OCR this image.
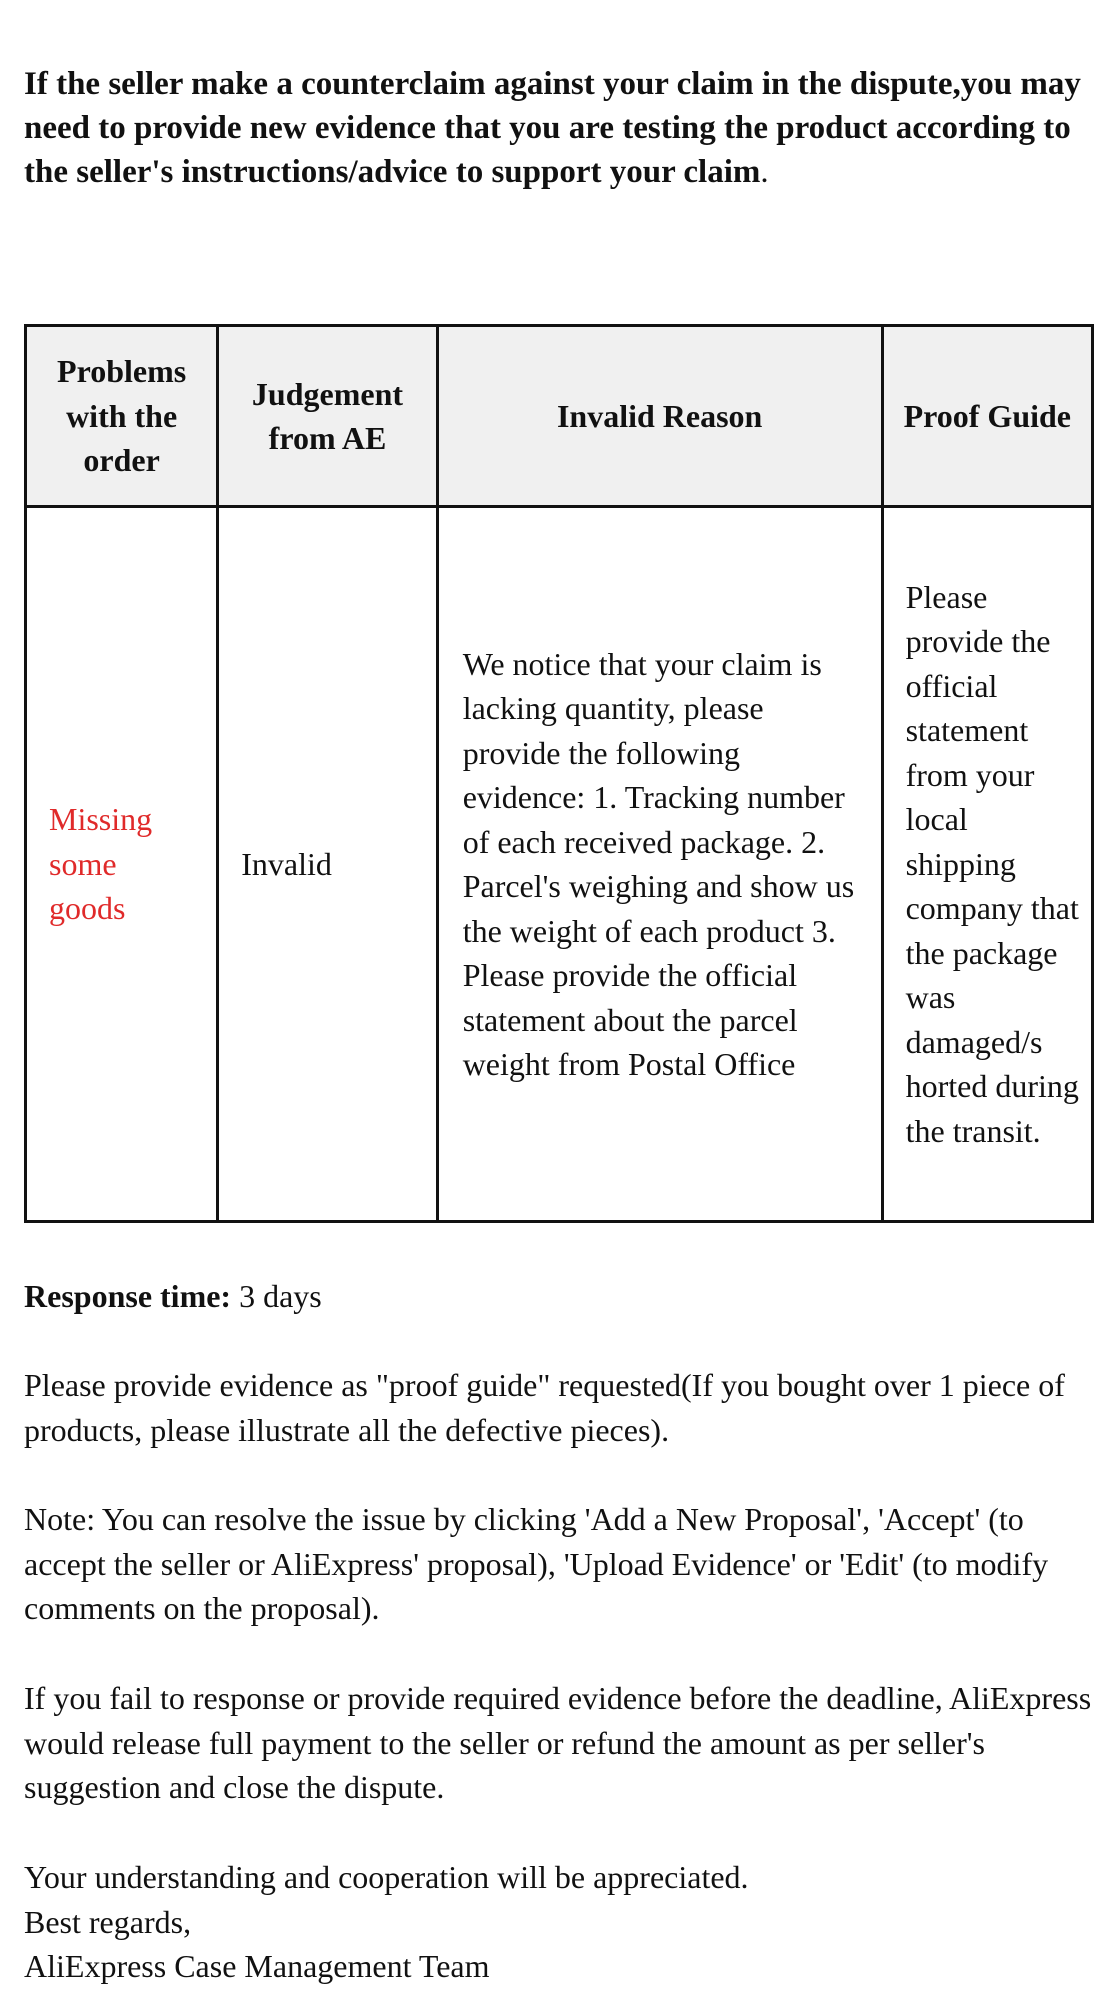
If the seller make a counterclaim against your claim in the dispute,you may need to provide new evidence that you are testing the product according to the seller's instructions/advice to support your claim.
Problems with the order	Judgement from AE	Invalid Reason	Proof Guide
Missing some goods	Invalid	We notice that your claim is lacking quantity, please provide the following evidence: 1. Tracking number of each received package. 2. Parcel's weighing and show us the weight of each product 3. Please provide the official statement about the parcel weight from Postal Office	Please provide the official statement from your local shipping company that the package was damaged/s horted during the transit.
Response time: 3 days
Please provide evidence as "proof guide" requested(If you bought over 1 piece of products, please illustrate all the defective pieces).
Note: You can resolve the issue by clicking 'Add a New Proposal', 'Accept' (to accept the seller or AliExpress' proposal), 'Upload Evidence' or 'Edit' (to modify comments on the proposal).
If you fail to response or provide required evidence before the deadline, AliExpress would release full payment to the seller or refund the amount as per seller's suggestion and close the dispute.
Your understanding and cooperation will be appreciated.
Best regards,
AliExpress Case Management Team
